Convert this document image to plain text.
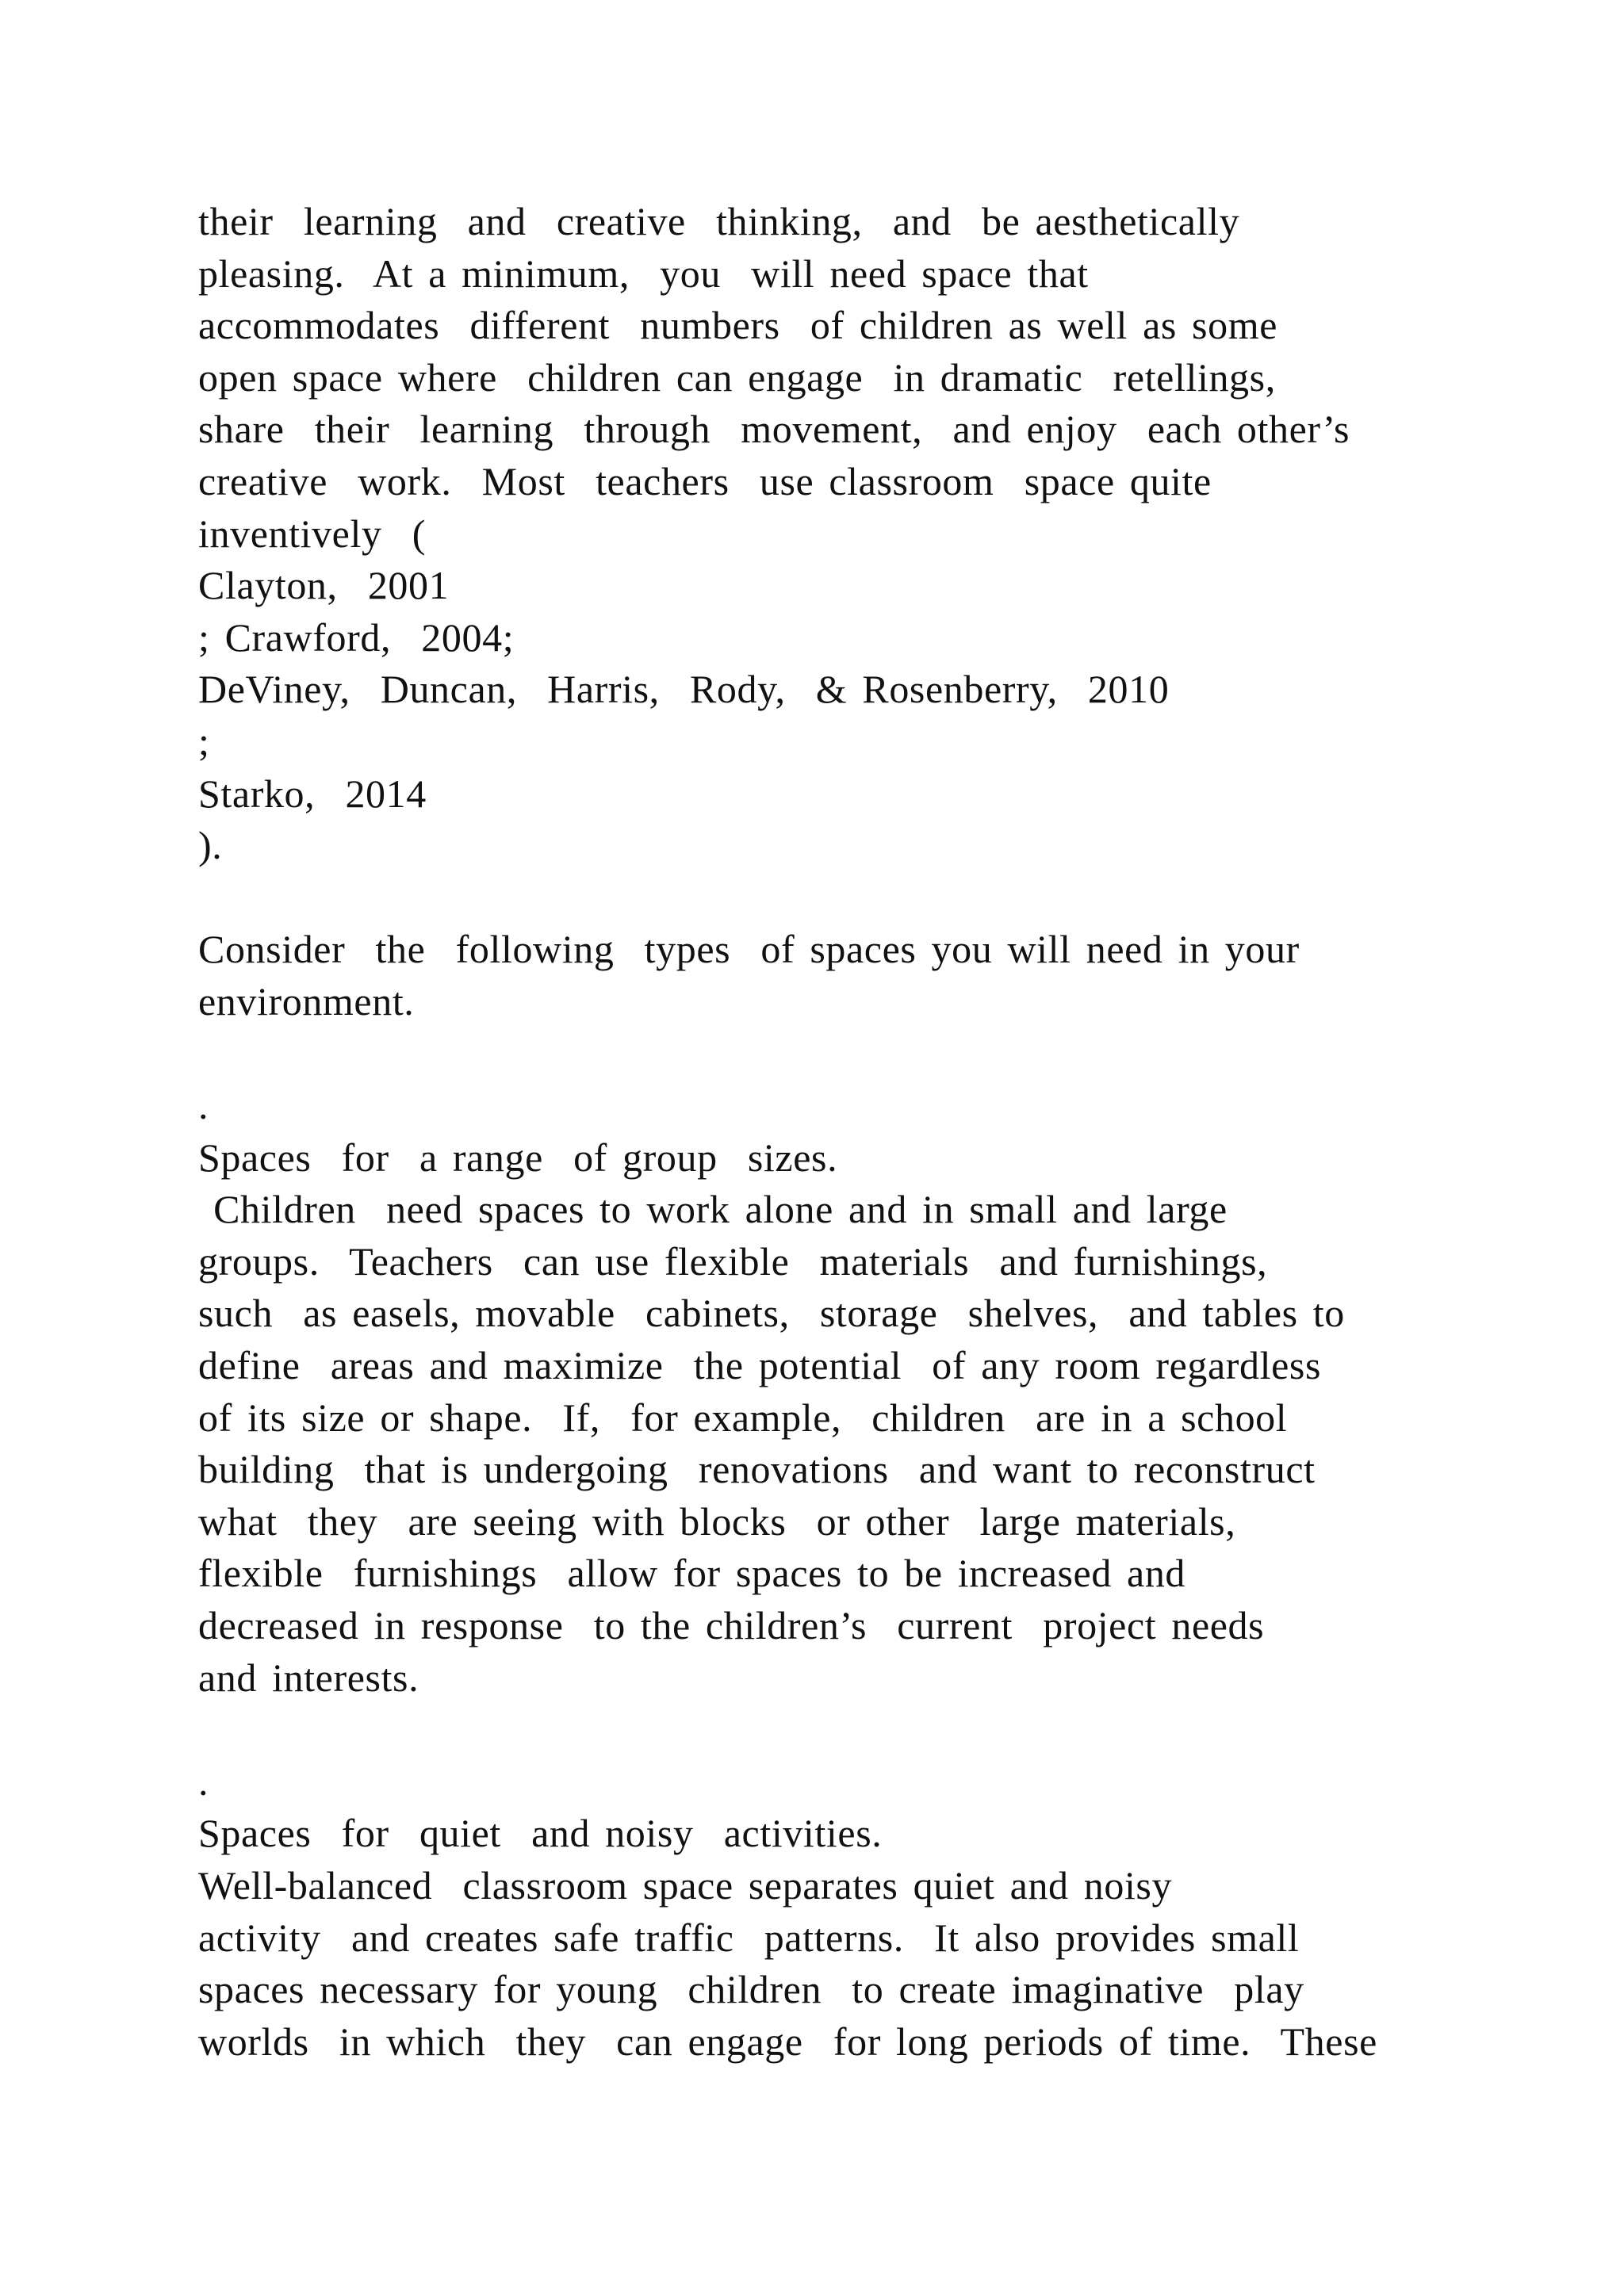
their  learning  and  creative  thinking,  and  be aesthetically
pleasing.  At a minimum,  you  will need space that
accommodates  different  numbers  of children as well as some
open space where  children can engage  in dramatic  retellings,
share  their  learning  through  movement,  and enjoy  each other’s
creative  work.  Most  teachers  use classroom  space quite
inventively  (
Clayton,  2001
; Crawford,  2004;
DeViney,  Duncan,  Harris,  Rody,  & Rosenberry,  2010
;
Starko,  2014
).
Consider  the  following  types  of spaces you will need in your
environment.
.
Spaces  for  a range  of group  sizes.
Children  need spaces to work alone and in small and large
groups.  Teachers  can use flexible  materials  and furnishings,
such  as easels, movable  cabinets,  storage  shelves,  and tables to
define  areas and maximize  the potential  of any room regardless
of its size or shape.  If,  for example,  children  are in a school
building  that is undergoing  renovations  and want to reconstruct
what  they  are seeing with blocks  or other  large materials,
flexible  furnishings  allow for spaces to be increased and
decreased in response  to the children’s  current  project needs
and interests.
.
Spaces  for  quiet  and noisy  activities.
Well-balanced  classroom space separates quiet and noisy
activity  and creates safe traffic  patterns.  It also provides small
spaces necessary for young  children  to create imaginative  play
worlds  in which  they  can engage  for long periods of time.  These
